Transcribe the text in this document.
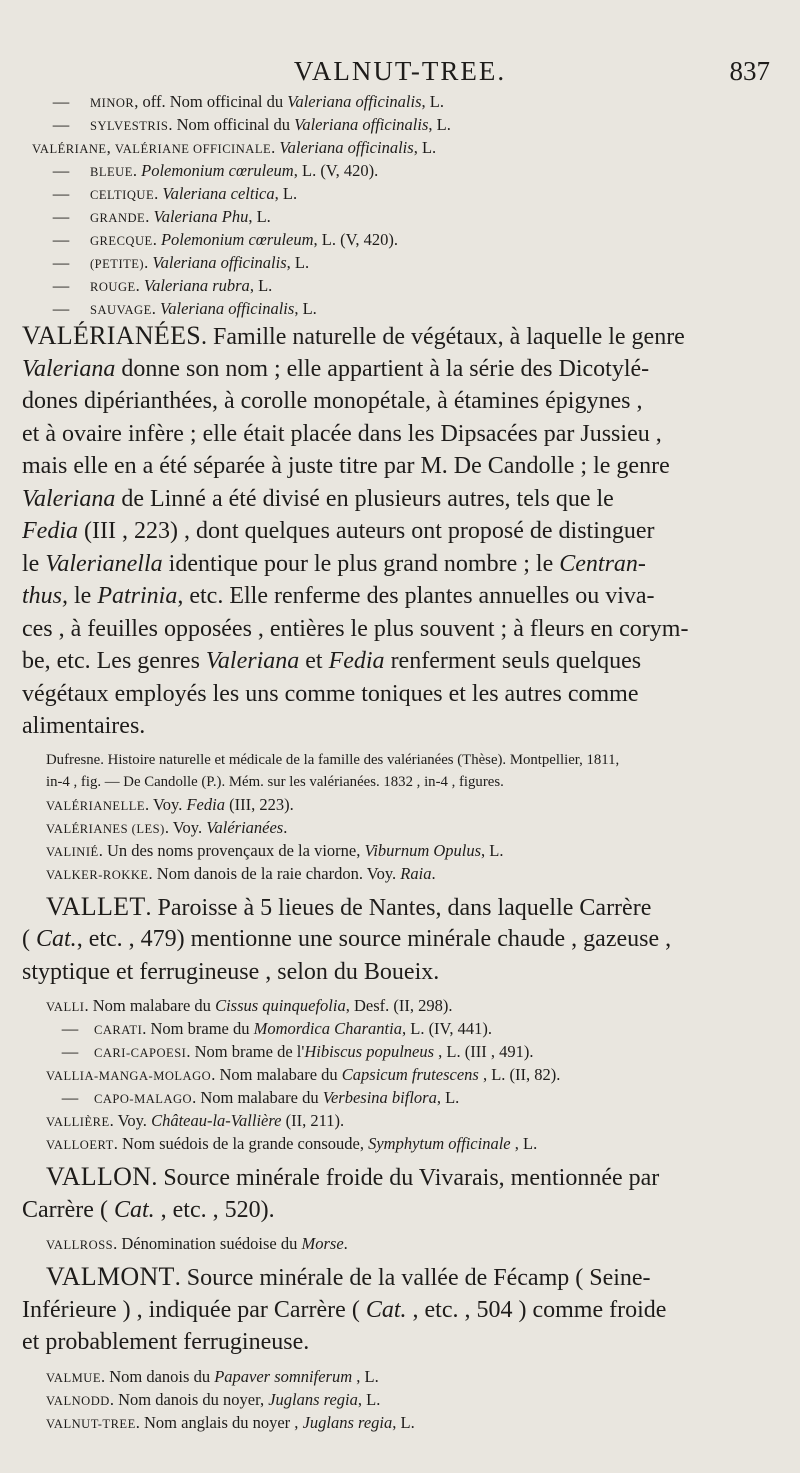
VALNUT-TREE.	837
— MINOR, off. Nom officinal du Valeriana officinalis, L.
— SYLVESTRIS. Nom officinal du Valeriana officinalis, L.
VALÉRIANE, VALÉRIANE OFFICINALE. Valeriana officinalis, L.
— BLEUE. Polemonium cœruleum, L. (V, 420).
— CELTIQUE. Valeriana celtica, L.
— GRANDE. Valeriana Phu, L.
— GRECQUE. Polemonium cœruleum, L. (V, 420).
— (PETITE). Valeriana officinalis, L.
— ROUGE. Valeriana rubra, L.
— SAUVAGE. Valeriana officinalis, L.
VALÉRIANÉES. Famille naturelle de végétaux, à laquelle le genre
Valeriana donne son nom ; elle appartient à la série des Dicotylé-
dones dipérianthées, à corolle monopétale, à étamines épigynes ,
et à ovaire infère ; elle était placée dans les Dipsacées par Jussieu ,
mais elle en a été séparée à juste titre par M. De Candolle ; le genre
Valeriana de Linné a été divisé en plusieurs autres, tels que le
Fedia (III , 223) , dont quelques auteurs ont proposé de distinguer
le Valerianella identique pour le plus grand nombre ; le Centran-
thus, le Patrinia, etc. Elle renferme des plantes annuelles ou viva-
ces , à feuilles opposées , entières le plus souvent ; à fleurs en corym-
be, etc. Les genres Valeriana et Fedia renferment seuls quelques
végétaux employés les uns comme toniques et les autres comme
alimentaires.
Dufresne. Histoire naturelle et médicale de la famille des valérianées (Thèse). Montpellier, 1811,
in-4 , fig. — De Candolle (P.). Mém. sur les valérianées. 1832 , in-4 , figures.
VALÉRIANELLE. Voy. Fedia (III, 223).
VALÉRIANES (LES). Voy. Valérianées.
VALINIÉ. Un des noms provençaux de la viorne, Viburnum Opulus, L.
VALKER-ROKKE. Nom danois de la raie chardon. Voy. Raia.
VALLET. Paroisse à 5 lieues de Nantes, dans laquelle Carrère
( Cat., etc. , 479) mentionne une source minérale chaude , gazeuse ,
styptique et ferrugineuse , selon du Boueix.
VALLI. Nom malabare du Cissus quinquefolia, Desf. (II, 298).
— CARATI. Nom brame du Momordica Charantia, L. (IV, 441).
— CARI-CAPOESI. Nom brame de l'Hibiscus populneus , L. (III , 491).
VALLIA-MANGA-MOLAGO. Nom malabare du Capsicum frutescens , L. (II, 82).
— CAPO-MALAGO. Nom malabare du Verbesina biflora, L.
VALLIÈRE. Voy. Château-la-Vallière (II, 211).
VALLOERT. Nom suédois de la grande consoude, Symphytum officinale , L.
VALLON. Source minérale froide du Vivarais, mentionnée par
Carrère ( Cat. , etc. , 520).
VALLROSS. Dénomination suédoise du Morse.
VALMONT. Source minérale de la vallée de Fécamp ( Seine-
Inférieure ) , indiquée par Carrère ( Cat. , etc. , 504 ) comme froide
et probablement ferrugineuse.
VALMUE. Nom danois du Papaver somniferum , L.
VALNODD. Nom danois du noyer, Juglans regia, L.
VALNUT-TREE. Nom anglais du noyer , Juglans regia, L.
